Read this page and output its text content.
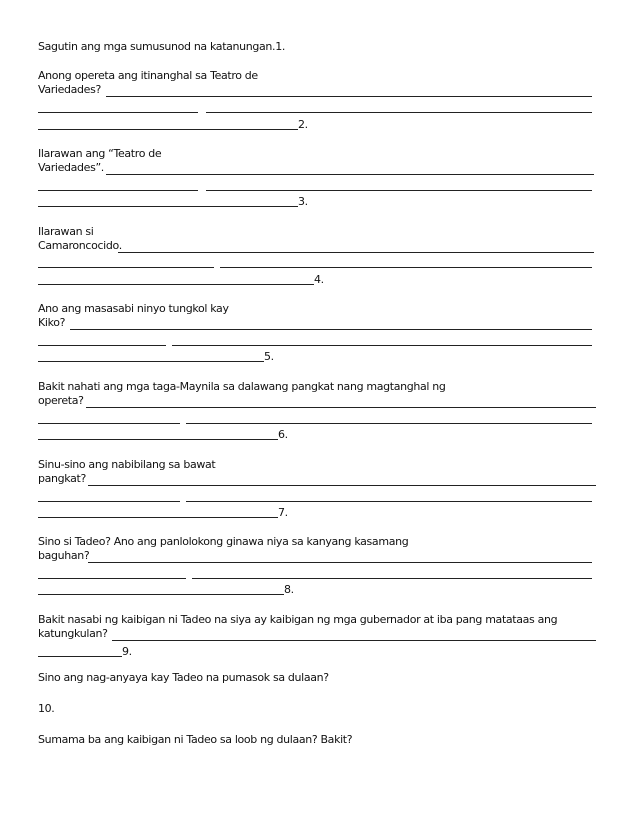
Sagutin ang mga sumusunod na katanungan.1.
Anong opereta ang itinanghal sa Teatro de
Variedades?
2.
Ilarawan ang “Teatro de
Variedades”.
3.
Ilarawan si
Camaroncocido.
4.
Ano ang masasabi ninyo tungkol kay
Kiko?
5.
Bakit nahati ang mga taga-Maynila sa dalawang pangkat nang magtanghal ng
opereta?
6.
Sinu-sino ang nabibilang sa bawat
pangkat?
7.
Sino si Tadeo? Ano ang panlolokong ginawa niya sa kanyang kasamang
baguhan?
8.
Bakit nasabi ng kaibigan ni Tadeo na siya ay kaibigan ng mga gubernador at iba pang matataas ang
katungkulan?
9.
Sino ang nag-anyaya kay Tadeo na pumasok sa dulaan?
10.
Sumama ba ang kaibigan ni Tadeo sa loob ng dulaan? Bakit?
